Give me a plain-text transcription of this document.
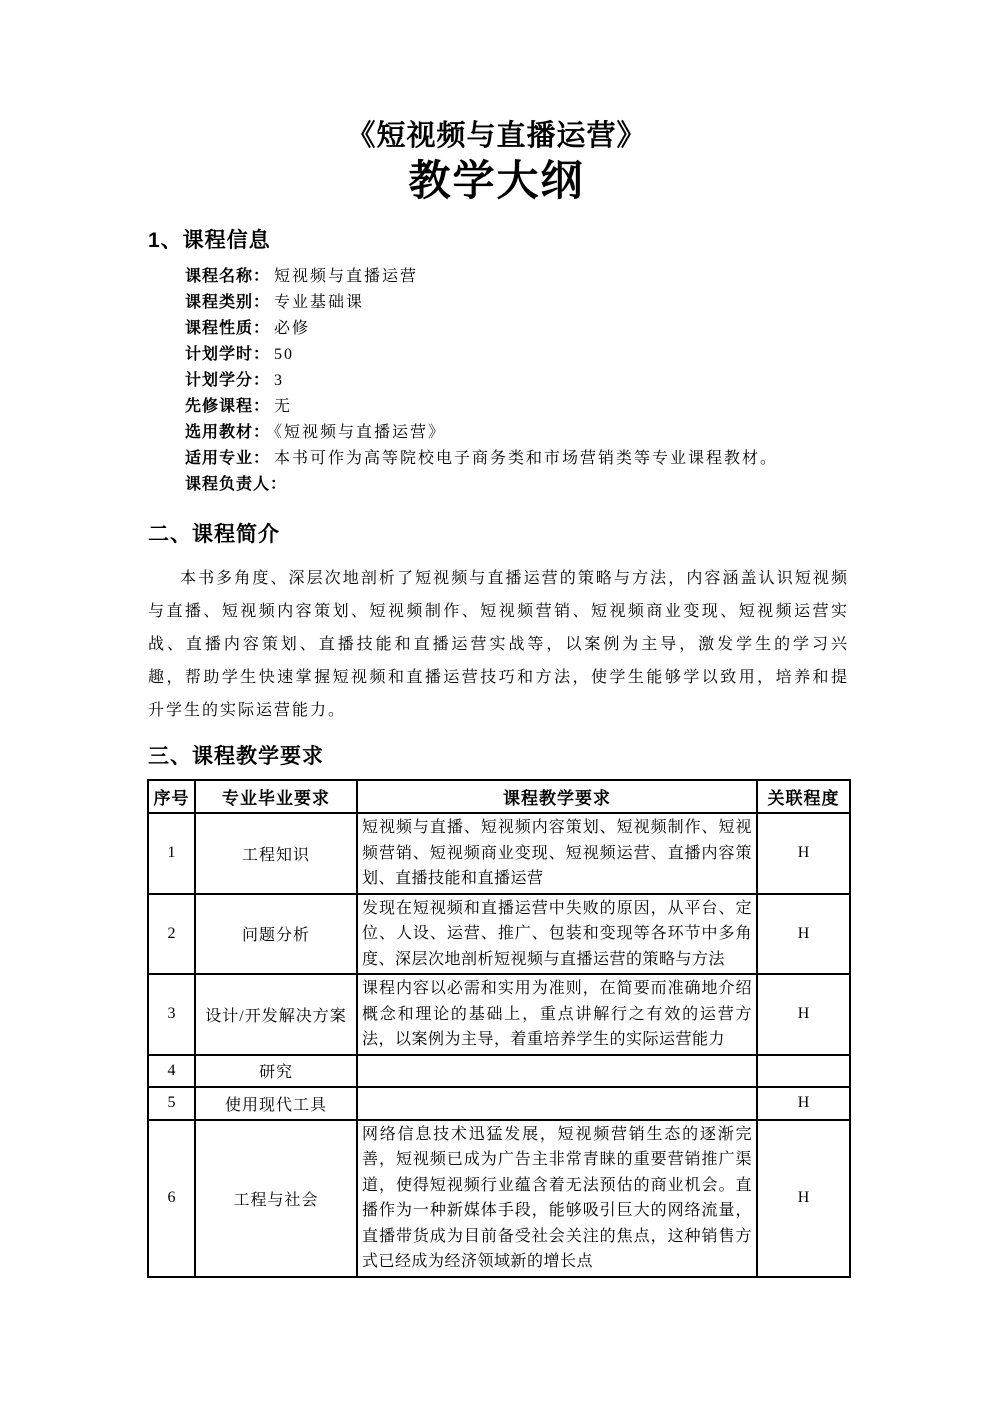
《短视频与直播运营》
教学大纲
1、课程信息
课程名称： 短视频与直播运营
课程类别： 专业基础课
课程性质： 必修
计划学时： 50
计划学分： 3
先修课程： 无
选用教材： 《短视频与直播运营》
适用专业： 本书可作为高等院校电子商务类和市场营销类等专业课程教材。
课程负责人：
二、课程简介

本书多角度、深层次地剖析了短视频与直播运营的策略与方法，内容涵盖认识短视频与直播、短视频内容策划、短视频制作、短视频营销、短视频商业变现、短视频运营实战、直播内容策划、直播技能和直播运营实战等，以案例为主导，激发学生的学习兴趣，帮助学生快速掌握短视频和直播运营技巧和方法，使学生能够学以致用，培养和提升学生的实际运营能力。

三、课程教学要求
序号	专业毕业要求	课程教学要求	关联程度
1	工程知识	短视频与直播、短视频内容策划、短视频制作、短视频营销、短视频商业变现、短视频运营、直播内容策划、直播技能和直播运营	H
2	问题分析	发现在短视频和直播运营中失败的原因，从平台、定位、人设、运营、推广、包装和变现等各环节中多角度、深层次地剖析短视频与直播运营的策略与方法	H
3	设计/开发解决方案	课程内容以必需和实用为准则，在简要而准确地介绍概念和理论的基础上，重点讲解行之有效的运营方法，以案例为主导，着重培养学生的实际运营能力	H
4	研究		
5	使用现代工具		H
6	工程与社会	网络信息技术迅猛发展，短视频营销生态的逐渐完善，短视频已成为广告主非常青睐的重要营销推广渠道，使得短视频行业蕴含着无法预估的商业机会。直播作为一种新媒体手段，能够吸引巨大的网络流量，直播带货成为目前备受社会关注的焦点，这种销售方式已经成为经济领域新的增长点	H
